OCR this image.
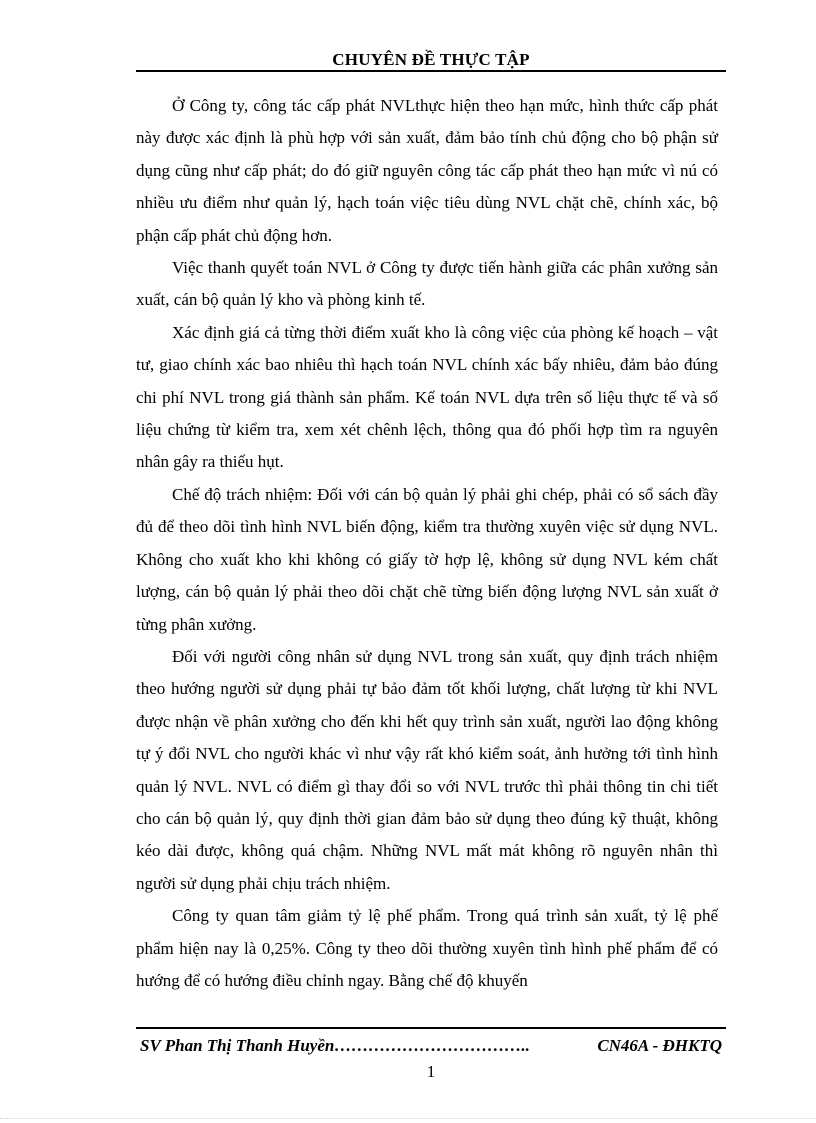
CHUYÊN ĐỀ THỰC TẬP

Ở Công ty, công tác cấp phát NVLthực hiện theo hạn mức, hình thức cấp phát này được xác định là phù hợp với sản xuất, đảm bảo tính chủ động cho bộ phận sử dụng cũng như cấp phát; do đó giữ nguyên công tác cấp phát theo hạn mức vì nú có nhiều ưu điểm như quản lý, hạch toán việc tiêu dùng NVL chặt chẽ, chính xác, bộ phận cấp phát chủ động hơn.

Việc thanh quyết toán NVL ở Công ty được tiến hành giữa các phân xưởng sản xuất, cán bộ quản lý kho và phòng kinh tế.

Xác định giá cả từng thời điểm xuất kho là công việc của phòng kế hoạch – vật tư, giao chính xác bao nhiêu thì hạch toán NVL chính xác bấy nhiêu, đảm bảo đúng chi phí NVL trong giá thành sản phẩm. Kế toán NVL dựa trên số liệu thực tế và số liệu chứng từ kiểm tra, xem xét chênh lệch, thông qua đó phối hợp tìm ra nguyên nhân gây ra thiếu hụt.

Chế độ trách nhiệm: Đối với cán bộ quản lý phải ghi chép, phải có sổ sách đầy đủ để theo dõi tình hình NVL biến động, kiểm tra thường xuyên việc sử dụng NVL. Không cho xuất kho khi không có giấy tờ hợp lệ, không sử dụng NVL kém chất lượng, cán bộ quản lý phải theo dõi chặt chẽ từng biến động lượng NVL sản xuất ở từng phân xưởng.

Đối với người công nhân sử dụng NVL trong sản xuất, quy định trách nhiệm theo hướng người sử dụng phải tự bảo đảm tốt khối lượng, chất lượng từ khi NVL được nhận về phân xưởng cho đến khi hết quy trình sản xuất, người lao động không tự ý đổi NVL cho người khác vì như vậy rất khó kiểm soát, ảnh hưởng tới tình hình quản lý NVL. NVL có điểm gì thay đổi so với NVL trước thì phải thông tin chi tiết cho cán bộ quản lý, quy định thời gian đảm bảo sử dụng theo đúng kỹ thuật, không kéo dài được, không quá chậm. Những NVL mất mát không rõ nguyên nhân thì người sử dụng phải chịu trách nhiệm.

Công ty quan tâm giảm tỷ lệ phế phẩm. Trong quá trình sản xuất, tỷ lệ phế phẩm hiện nay là 0,25%. Công ty theo dõi thường xuyên tình hình phế phẩm để có hướng để có hướng điều chỉnh ngay. Bằng chế độ khuyến

SV Phan Thị Thanh Huyền ……………………………..	CN46A - ĐHKTQ
1
